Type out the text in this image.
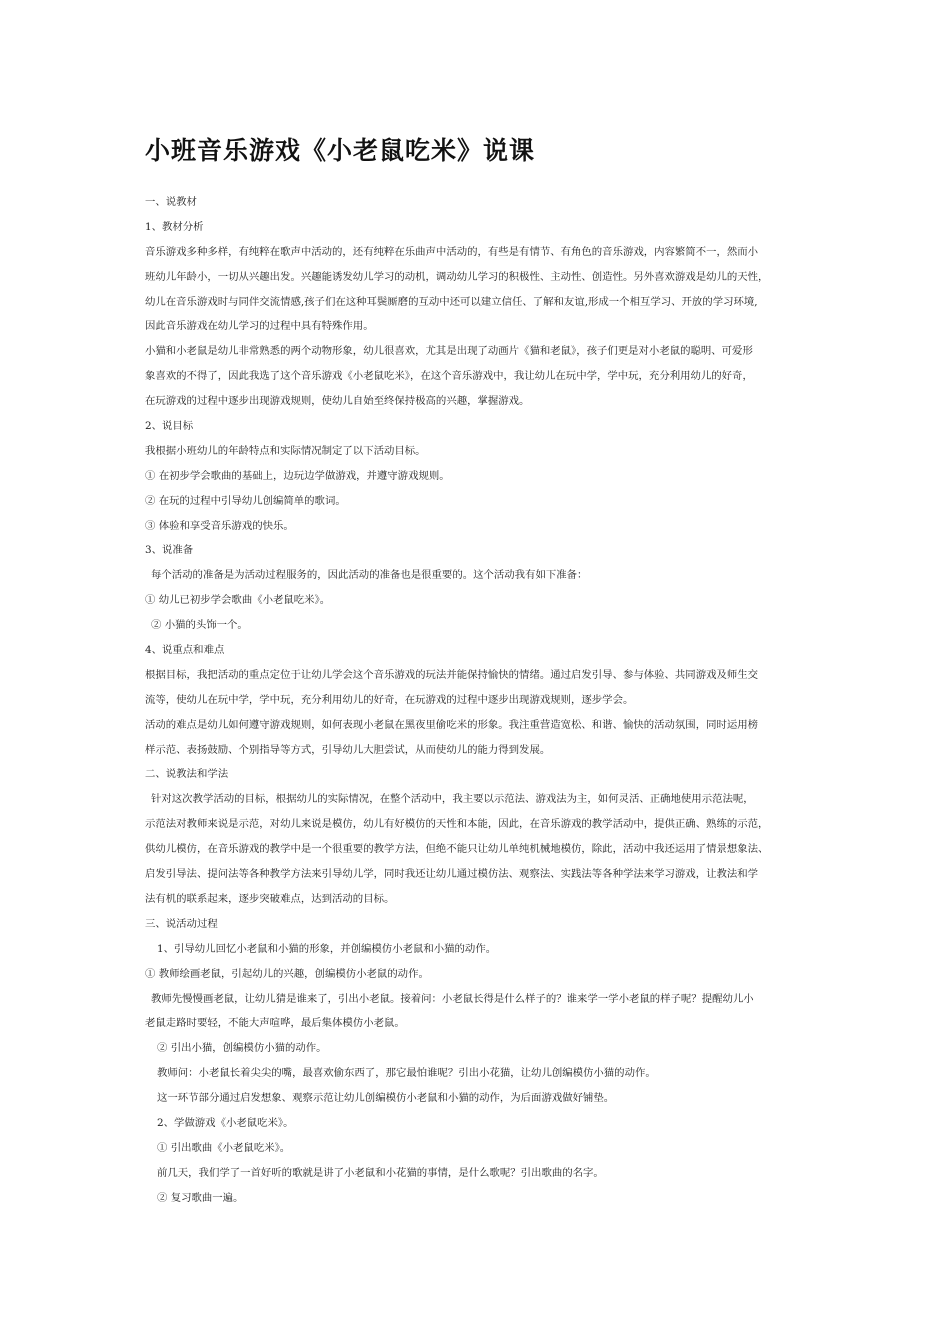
小班音乐游戏《小老鼠吃米》说课
一、说教材
1、教材分析
音乐游戏多种多样，有纯粹在歌声中活动的，还有纯粹在乐曲声中活动的，有些是有情节、有角色的音乐游戏，内容繁简不一，然而小
班幼儿年龄小，一切从兴趣出发。兴趣能诱发幼儿学习的动机，调动幼儿学习的积极性、主动性、创造性。另外喜欢游戏是幼儿的天性，
幼儿在音乐游戏时与同伴交流情感,孩子们在这种耳鬓厮磨的互动中还可以建立信任、了解和友谊,形成一个相互学习、开放的学习环境,
因此音乐游戏在幼儿学习的过程中具有特殊作用。
小猫和小老鼠是幼儿非常熟悉的两个动物形象，幼儿很喜欢，尤其是出现了动画片《猫和老鼠》，孩子们更是对小老鼠的聪明、可爱形
象喜欢的不得了，因此我选了这个音乐游戏《小老鼠吃米》，在这个音乐游戏中，我让幼儿在玩中学，学中玩，充分利用幼儿的好奇，
在玩游戏的过程中逐步出现游戏规则，使幼儿自始至终保持极高的兴趣，掌握游戏。
2、说目标
我根据小班幼儿的年龄特点和实际情况制定了以下活动目标。
① 在初步学会歌曲的基础上，边玩边学做游戏，并遵守游戏规则。
② 在玩的过程中引导幼儿创编简单的歌词。
③ 体验和享受音乐游戏的快乐。
3、说准备
每个活动的准备是为活动过程服务的，因此活动的准备也是很重要的。这个活动我有如下准备：
① 幼儿已初步学会歌曲《小老鼠吃米》。
② 小猫的头饰一个。
4、说重点和难点
根据目标，我把活动的重点定位于让幼儿学会这个音乐游戏的玩法并能保持愉快的情绪。通过启发引导、参与体验、共同游戏及师生交
流等，使幼儿在玩中学，学中玩，充分利用幼儿的好奇，在玩游戏的过程中逐步出现游戏规则，逐步学会。
活动的难点是幼儿如何遵守游戏规则，如何表现小老鼠在黑夜里偷吃米的形象。我注重营造宽松、和谐、愉快的活动氛围，同时运用榜
样示范、表扬鼓励、个别指导等方式，引导幼儿大胆尝试，从而使幼儿的能力得到发展。
二、说教法和学法
针对这次教学活动的目标，根据幼儿的实际情况，在整个活动中，我主要以示范法、游戏法为主，如何灵活、正确地使用示范法呢，
示范法对教师来说是示范，对幼儿来说是模仿，幼儿有好模仿的天性和本能，因此，在音乐游戏的教学活动中，提供正确、熟练的示范，
供幼儿模仿，在音乐游戏的教学中是一个很重要的教学方法，但绝不能只让幼儿单纯机械地模仿，除此，活动中我还运用了情景想象法、
启发引导法、提问法等各种教学方法来引导幼儿学，同时我还让幼儿通过模仿法、观察法、实践法等各种学法来学习游戏，让教法和学
法有机的联系起来，逐步突破难点，达到活动的目标。
三、说活动过程
1、引导幼儿回忆小老鼠和小猫的形象，并创编模仿小老鼠和小猫的动作。
① 教师绘画老鼠，引起幼儿的兴趣，创编模仿小老鼠的动作。
教师先慢慢画老鼠，让幼儿猜是谁来了，引出小老鼠。接着问：小老鼠长得是什么样子的？谁来学一学小老鼠的样子呢？提醒幼儿小
老鼠走路时要轻，不能大声喧哗，最后集体模仿小老鼠。
② 引出小猫，创编模仿小猫的动作。
教师问：小老鼠长着尖尖的嘴，最喜欢偷东西了，那它最怕谁呢？引出小花猫，让幼儿创编模仿小猫的动作。
这一环节部分通过启发想象、观察示范让幼儿创编模仿小老鼠和小猫的动作，为后面游戏做好铺垫。
2、学做游戏《小老鼠吃米》。
① 引出歌曲《小老鼠吃米》。
前几天，我们学了一首好听的歌就是讲了小老鼠和小花猫的事情，是什么歌呢？引出歌曲的名字。
② 复习歌曲一遍。
